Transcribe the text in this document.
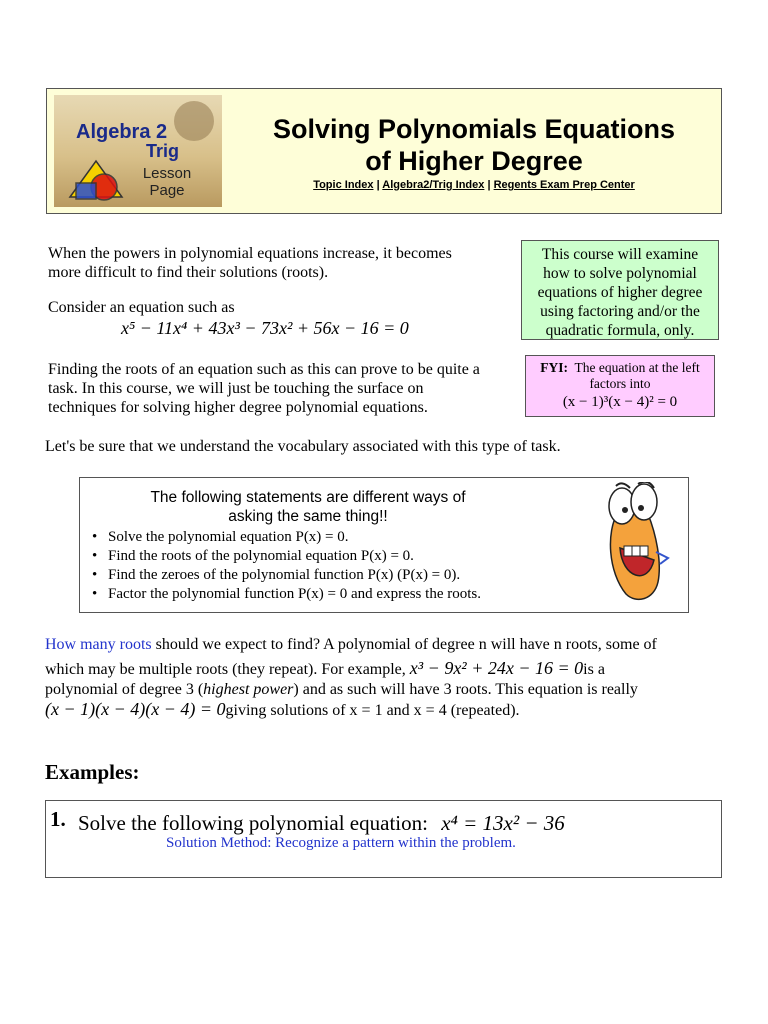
Algebra 2
Trig
Lesson
Page
Solving Polynomials Equations
of Higher Degree
Topic Index | Algebra2/Trig Index | Regents Exam Prep Center
When the powers in polynomial equations increase, it becomes
more difficult to find their solutions (roots).
Consider an equation such as
x⁵ − 11x⁴ + 43x³ − 73x² + 56x − 16 = 0
Finding the roots of an equation such as this can prove to be quite a
task. In this course, we will just be touching the surface on
techniques for solving higher degree polynomial equations.
This course will examine
how to solve polynomial
equations of higher degree
using factoring and/or the
quadratic formula, only.
FYI: The equation at the left
factors into
(x − 1)³(x − 4)² = 0
Let's be sure that we understand the vocabulary associated with this type of task.
The following statements are different ways of
asking the same thing!!
• Solve the polynomial equation P(x) = 0.
• Find the roots of the polynomial equation P(x) = 0.
• Find the zeroes of the polynomial function P(x) (P(x) = 0).
• Factor the polynomial function P(x) = 0 and express the roots.
How many roots should we expect to find? A polynomial of degree n will have n roots, some of
which may be multiple roots (they repeat). For example, x³ − 9x² + 24x − 16 = 0is a
polynomial of degree 3 (highest power) and as such will have 3 roots. This equation is really
(x − 1)(x − 4)(x − 4) = 0giving solutions of x = 1 and x = 4 (repeated).
Examples:
1. Solve the following polynomial equation: x⁴ = 13x² − 36
Solution Method: Recognize a pattern within the problem.
